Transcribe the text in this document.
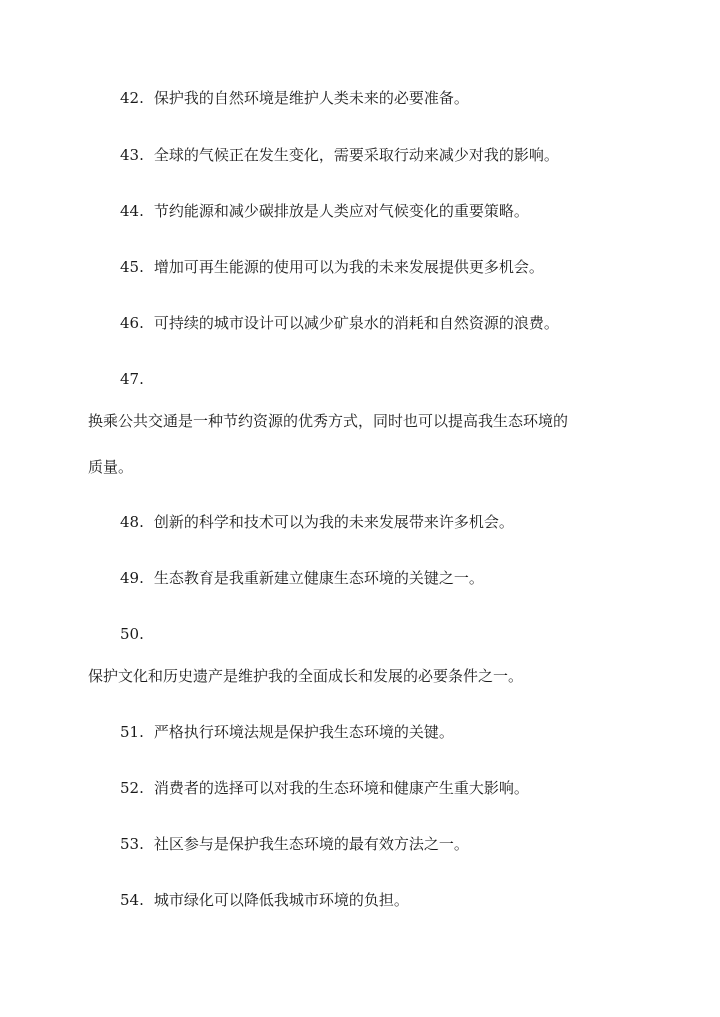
42. 保护我的自然环境是维护人类未来的必要准备。
43. 全球的气候正在发生变化，需要采取行动来减少对我的影响。
44. 节约能源和减少碳排放是人类应对气候变化的重要策略。
45. 增加可再生能源的使用可以为我的未来发展提供更多机会。
46. 可持续的城市设计可以减少矿泉水的消耗和自然资源的浪费。
47.
换乘公共交通是一种节约资源的优秀方式，同时也可以提高我生态环境的
质量。
48. 创新的科学和技术可以为我的未来发展带来许多机会。
49. 生态教育是我重新建立健康生态环境的关键之一。
50.
保护文化和历史遗产是维护我的全面成长和发展的必要条件之一。
51. 严格执行环境法规是保护我生态环境的关键。
52. 消费者的选择可以对我的生态环境和健康产生重大影响。
53. 社区参与是保护我生态环境的最有效方法之一。
54. 城市绿化可以降低我城市环境的负担。
